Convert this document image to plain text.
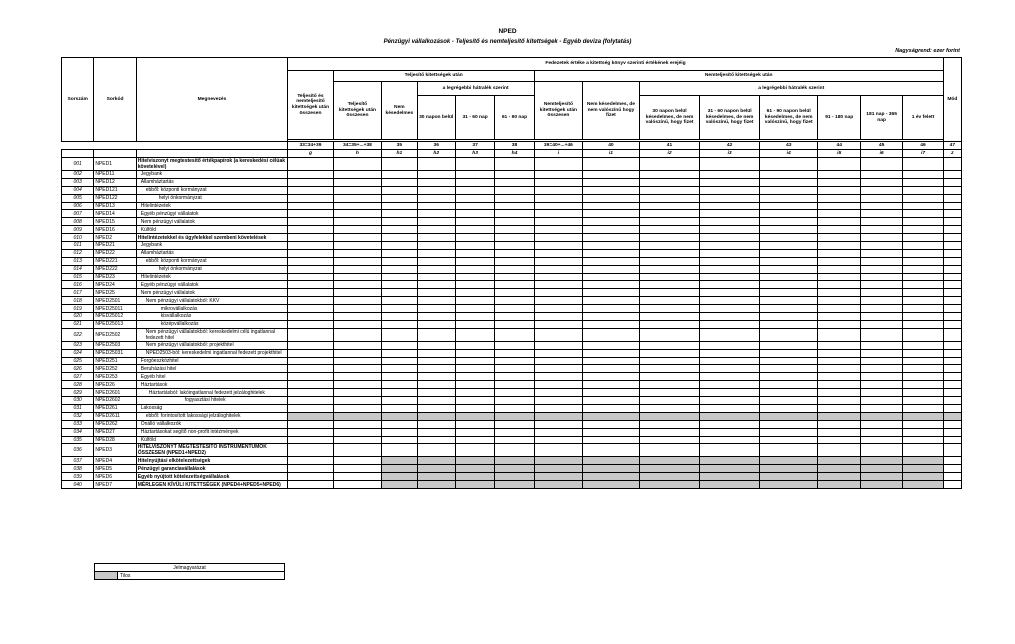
NPED
Pénzügyi vállalkozások - Teljesítő és nemteljesítő kitettségek - Egyéb deviza (folytatás)
Nagyságrend: ezer forint
Sorszám	Sorkód	Megnevezés	Fedezetek értéke a kitettség könyv szerinti értékének erejéig														Mód
			Teljesítő és nemteljesítő kitettségek után összesen	Teljesítő kitettségek után					Nemteljesítő kitettségek után								
				Teljesítő kitettségek után összesen	Nem késedelmes	a legrégebbi hátralék szerint			Nemteljesítő kitettségek után összesen	Nem késedelmes, de nem valószínű hogy fizet	a legrégebbi hátralék szerint						
						30 napon belül	31 - 60 nap	61 - 90 nap			30 napon belül késedelmes, de nem valószínű, hogy fizet	31 - 60 napon belül késedelmes, de nem valószínű, hogy fizet	61 - 90 napon belül késedelmes, de nem valószínű, hogy fizet	91 - 180 nap	181 nap - 365 nap	1 év felett	

			33=34+39	34=35+...+38	35	36	37	38	39=40+...+46	40	41	42	43	44	45	46	47
			g	h	h1	h2	h3	h4	i	i1	i2	i3	i4	i5	i6	i7	z
001	NPED1	Hitelviszonyt megtestesítő értékpapírok (a kereskedési célúak követelével)															
002	NPED11	Jegybank															
003	NPED12	Államháztartás															
004	NPED121	ebből: központi kormányzat															
005	NPED122	helyi önkormányzat															
006	NPED13	Hitelintézetek															
007	NPED14	Egyéb pénzügyi vállalatok															
008	NPED15	Nem pénzügyi vállalatok															
009	NPED16	Külföld															
010	NPED2	Hitelintézetekkel és ügyfelekkel szembeni követelések															
011	NPED21	Jegybank															
012	NPED22	Államháztartás															
013	NPED221	ebből: központi kormányzat															
014	NPED222	helyi önkormányzat															
015	NPED23	Hitelintézetek															
016	NPED24	Egyéb pénzügyi vállalatok															
017	NPED25	Nem pénzügyi vállalatok															
018	NPED2501	Nem pénzügyi vállalatokból: KKV															
019	NPED25011	mikrovállalkozás															
020	NPED25012	kisvállalkozás															
021	NPED25013	középvállalkozás															
022	NPED2502	Nem pénzügyi vállalatokból: kereskedelmi célú ingatlannal fedezett hitel															
023	NPED2503	Nem pénzügyi vállalatokból: projekthitel															
024	NPED25031	NPED2503-ból: kereskedelmi ingatlannal fedezett projekthitel															
025	NPED251	Forgóeszközhitel															
026	NPED252	Beruházási hitel															
027	NPED253	Egyéb hitel															
028	NPED26	Háztartások															
029	NPED2601	Háztartásból: lakóingatlannal fedezett jelzáloghitelek															
030	NPED2602	fogyasztási hitelek															
031	NPED261	Lakosság															
032	NPED2611	ebből: forintosított lakossági jelzáloghitelek															
033	NPED262	Önálló vállalkozók															
034	NPED27	Háztartásokat segítő non-profit intézmények															
035	NPED28	Külföld															
036	NPED3	HITELVISZONYT MEGTESTESÍTŐ INSTRUMENTUMOK ÖSSZESEN (NPED1+NPED2)															
037	NPED4	Hitelnyújtási elkötelezettségek															
038	NPED5	Pénzügyi garanciavállalások															
039	NPED6	Egyéb nyújtott kötelezettségvállalások															
040	NPED7	MÉRLEGEN KÍVÜLI KITETTSÉGEK (NPED4+NPED5+NPED6)															
Jelmagyarázat
	Tilos
